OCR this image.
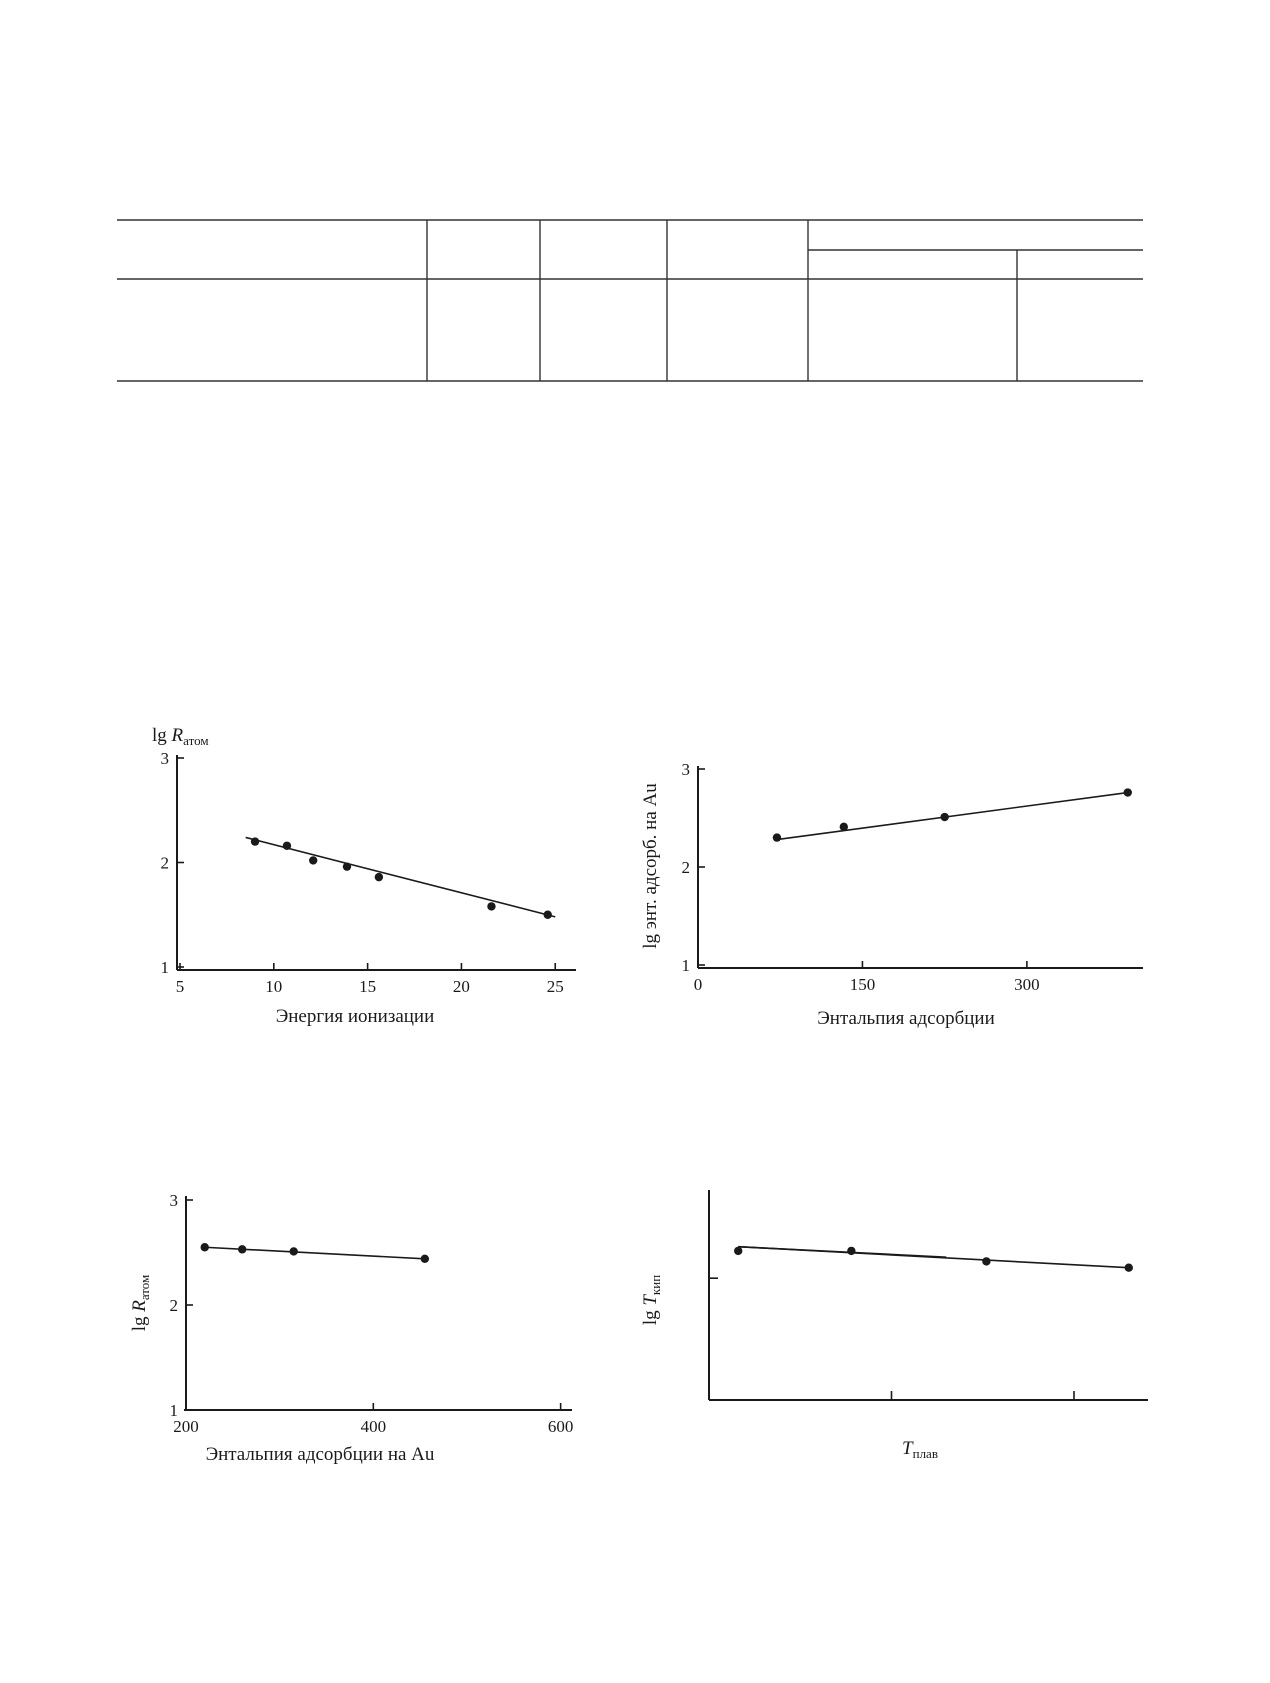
5	10	15	20	25
1
2
3
Энергия ионизации
$\lg R_{атом}$
0	150	300
1
2
3
Энтальпия адсорбции
lg энт. адсорб. на Au
200	400	600
1
2
3
Энтальпия адсорбции на Au
$\lg R_{атом}$
$T_{плав}$
$\lg T_{кип}$
